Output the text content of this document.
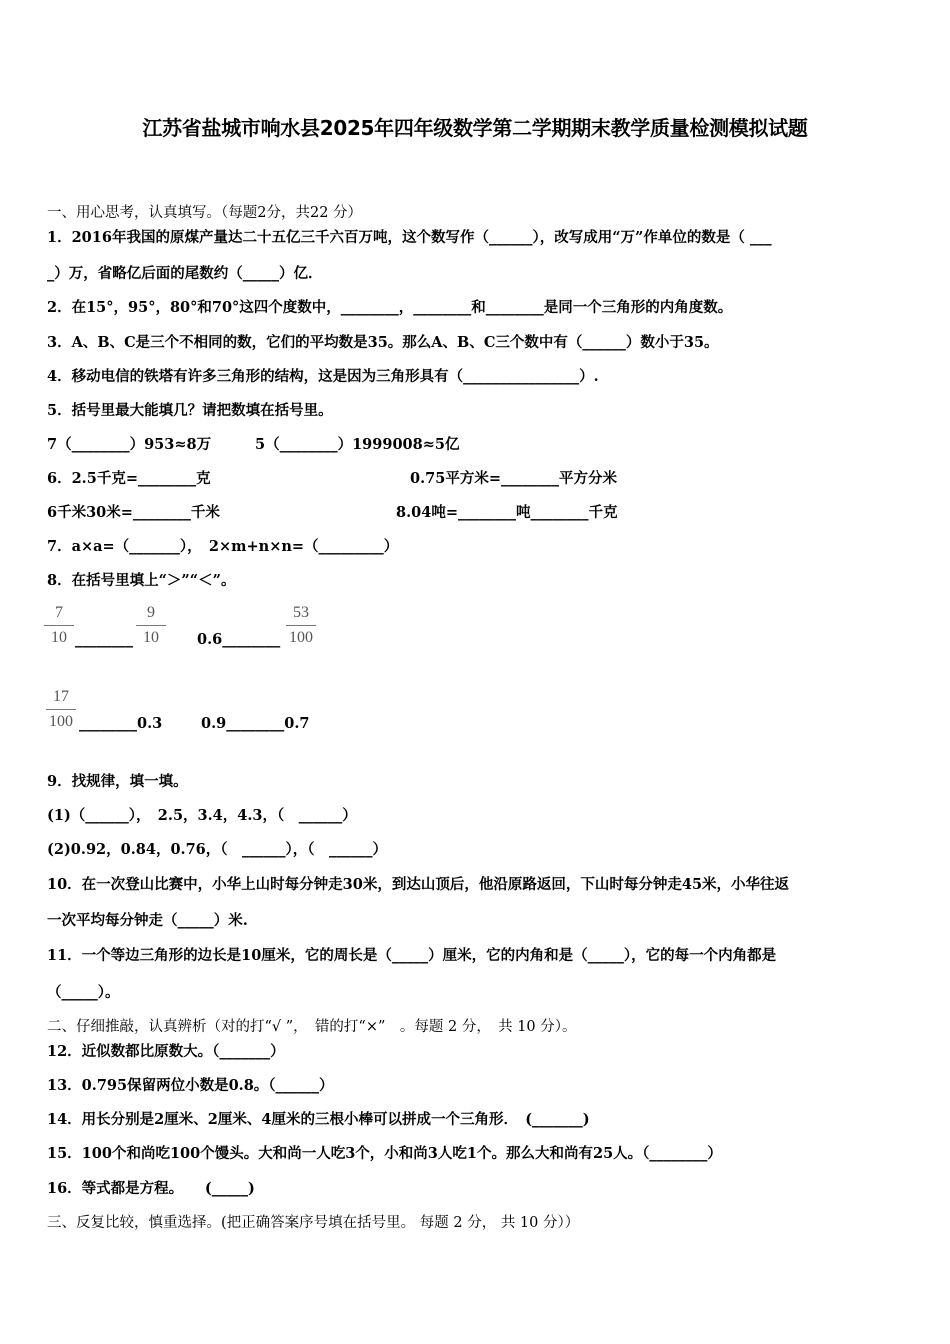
江苏省盐城市响水县2025年四年级数学第二学期期末教学质量检测模拟试题
一、用心思考，认真填写。（每题2分，共22 分）
1．2016年我国的原煤产量达二十五亿三千六百万吨，这个数写作（______），改写成用“万”作单位的数是（ ___
_）万，省略亿后面的尾数约（_____）亿．
2．在15°，95°，80°和70°这四个度数中，________，________和________是同一个三角形的内角度数。
3．A、B、C是三个不相同的数，它们的平均数是35。那么A、B、C三个数中有（______）数小于35。
4．移动电信的铁塔有许多三角形的结构，这是因为三角形具有（________________）.
5．括号里最大能填几？请把数填在括号里。
7（________）953≈8万	5（________）1999008≈5亿
6．2.5千克=________克	0.75平方米=________平方分米
6千米30米=________千米	8.04吨=________吨________千克
7．a×a=（_______），　2×m+n×n=（_________）
8．在括号里填上“＞”“＜”。
7
10 ________
9
10	0.6________
53
100
17
100 ________0.3	0.9________0.7
9．找规律，填一填。
(1)（______），　2.5，3.4，4.3，（　______）
(2)0.92，0.84，0.76，（　______），（　______）
10．在一次登山比赛中，小华上山时每分钟走30米，到达山顶后，他沿原路返回，下山时每分钟走45米，小华往返
一次平均每分钟走（_____）米.
11．一个等边三角形的边长是10厘米，它的周长是（_____）厘米，它的内角和是（_____），它的每一个内角都是
（_____）。
二、仔细推敲，认真辨析（对的打“√ ”，　错的打“×”　。每题 2 分，　共 10 分）。
12．近似数都比原数大。（_______）
13．0.795保留两位小数是0.8。（______）
14．用长分别是2厘米、2厘米、4厘米的三根小棒可以拼成一个三角形．　(_______)
15．100个和尚吃100个馒头。大和尚一人吃3个，小和尚3人吃1个。那么大和尚有25人。（________）
16．等式都是方程。　　(_____)
三、反复比较，慎重选择。(把正确答案序号填在括号里。 每题 2 分， 共 10 分））
